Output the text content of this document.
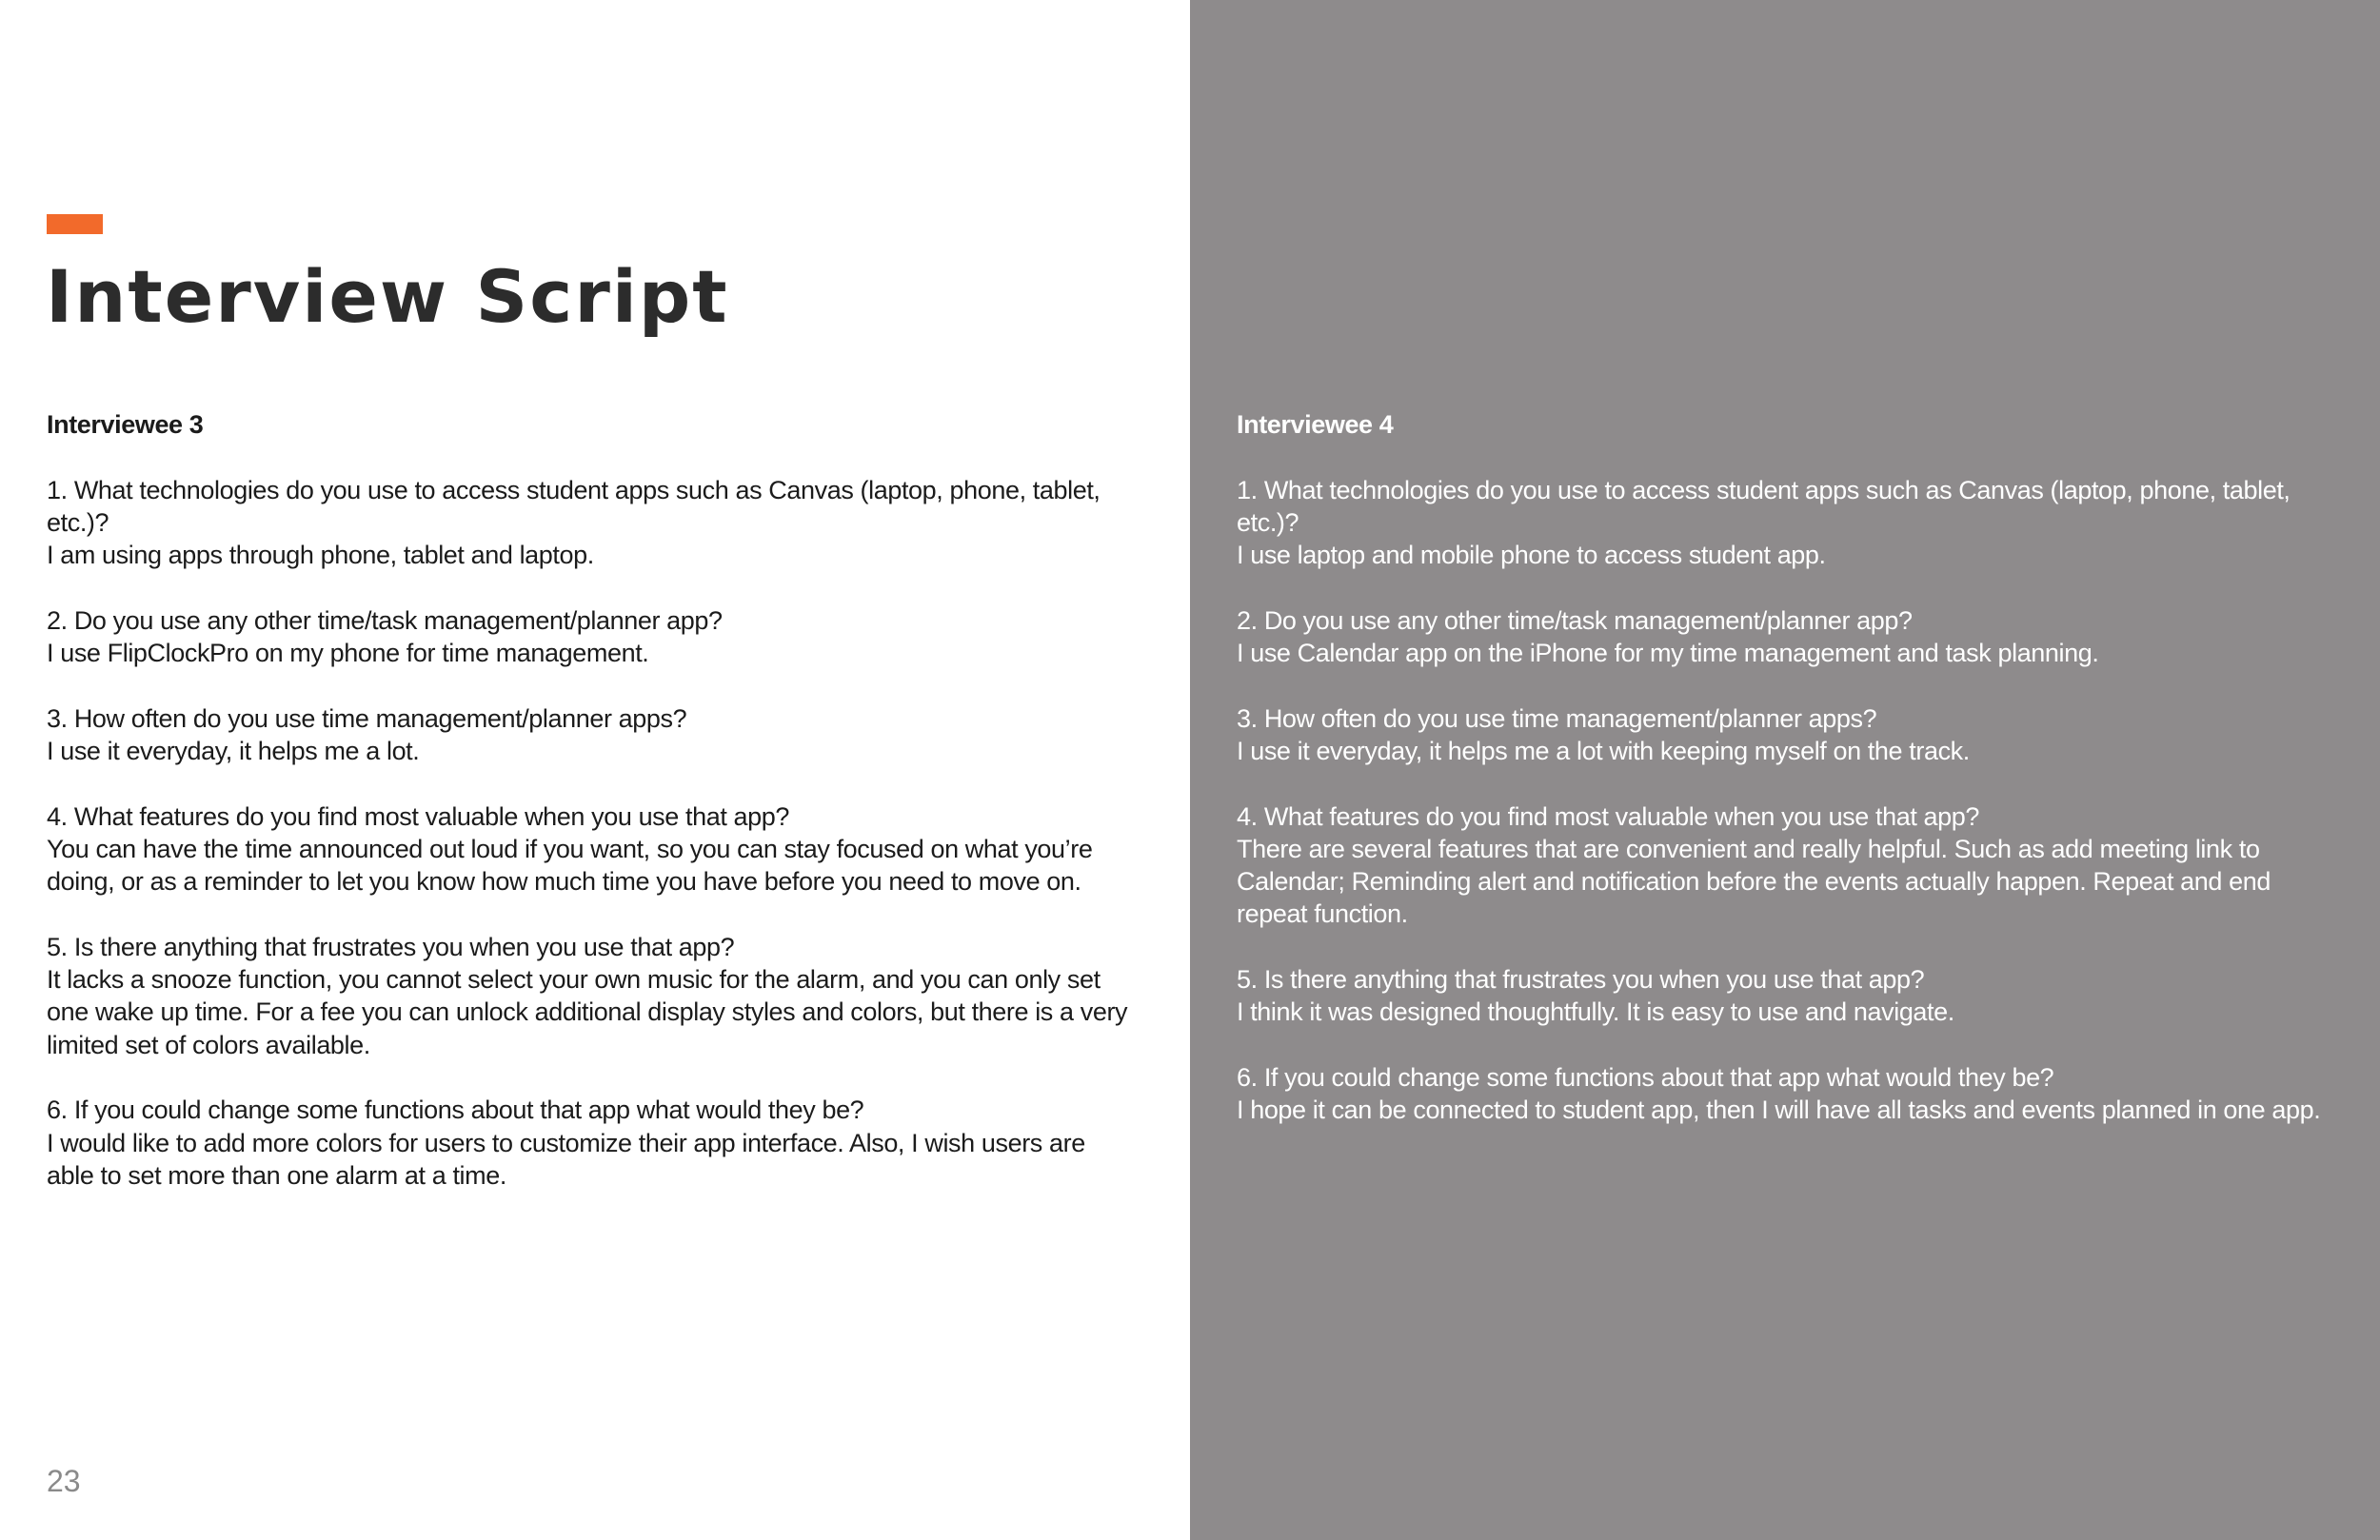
Interview Script

Interviewee 3

1. What technologies do you use to access student apps such as Canvas (laptop, phone, tablet, etc.)?

I am using apps through phone, tablet and laptop.

2. Do you use any other time/task management/planner app?

I use FlipClockPro on my phone for time management.

3. How often do you use time management/planner apps?

I use it everyday, it helps me a lot.

4. What features do you find most valuable when you use that app?

You can have the time announced out loud if you want, so you can stay focused on what you’re doing, or as a reminder to let you know how much time you have before you need to move on.

5. Is there anything that frustrates you when you use that app?

It lacks a snooze function, you cannot select your own music for the alarm, and you can only set one wake up time. For a fee you can unlock additional display styles and colors, but there is a very limited set of colors available.

6. If you could change some functions about that app what would they be?

I would like to add more colors for users to customize their app interface. Also, I wish users are able to set more than one alarm at a time.

Interviewee 4

1. What technologies do you use to access student apps such as Canvas (laptop, phone, tablet, etc.)?

I use laptop and mobile phone to access student app.

2. Do you use any other time/task management/planner app?

I use Calendar app on the iPhone for my time management and task planning.

3. How often do you use time management/planner apps?

I use it everyday, it helps me a lot with keeping myself on the track.

4. What features do you find most valuable when you use that app?

There are several features that are convenient and really helpful. Such as add meeting link to Calendar; Reminding alert and notification before the events actually happen. Repeat and end repeat function.

5. Is there anything that frustrates you when you use that app?

I think it was designed thoughtfully. It is easy to use and navigate.

6. If you could change some functions about that app what would they be?

I hope it can be connected to student app, then I will have all tasks and events planned in one app.

23
